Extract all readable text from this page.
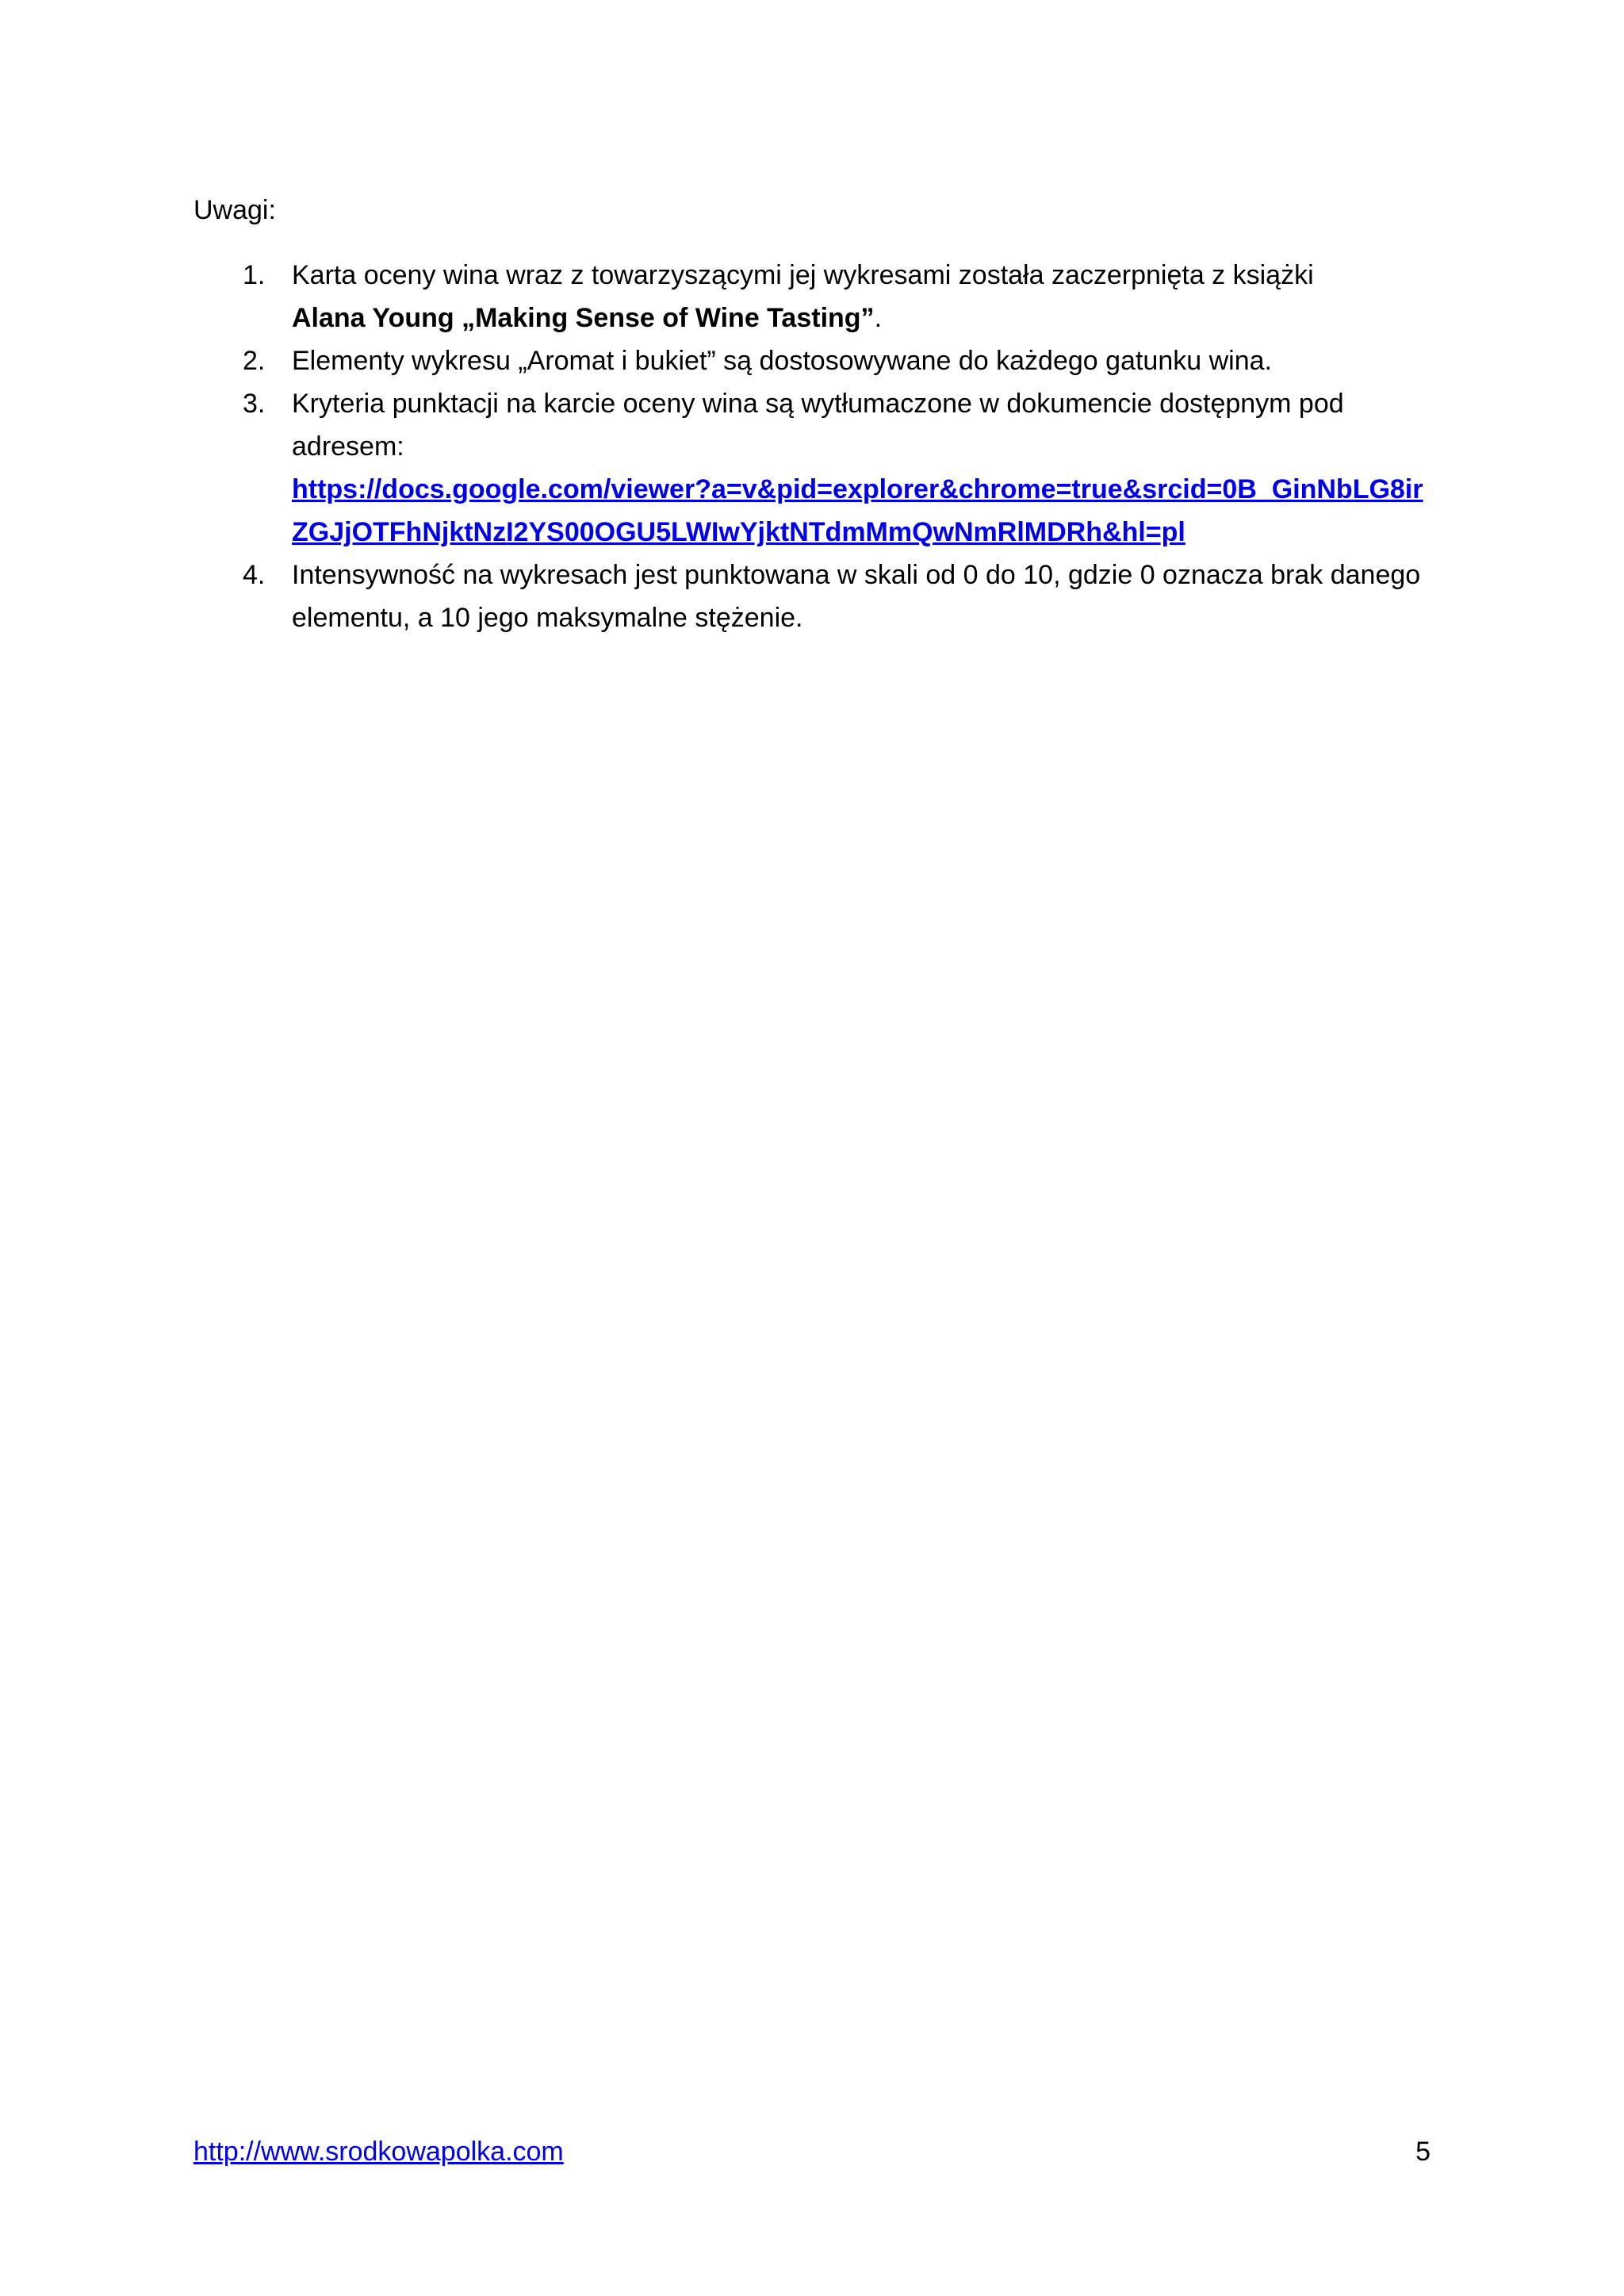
Uwagi:

1. Karta oceny wina wraz z towarzyszącymi jej wykresami została zaczerpnięta z książki
Alana Young „Making Sense of Wine Tasting”.
2. Elementy wykresu „Aromat i bukiet” są dostosowywane do każdego gatunku wina.
3. Kryteria punktacji na karcie oceny wina są wytłumaczone w dokumencie dostępnym pod adresem:
https://docs.google.com/viewer?a=v&pid=explorer&chrome=true&srcid=0B_GinNbLG8irZGJjOTFhNjktNzI2YS00OGU5LWIwYjktNTdmMmQwNmRlMDRh&hl=pl
4. Intensywność na wykresach jest punktowana w skali od 0 do 10, gdzie 0 oznacza brak danego elementu, a 10 jego maksymalne stężenie.
http://www.srodkowapolka.com	5
